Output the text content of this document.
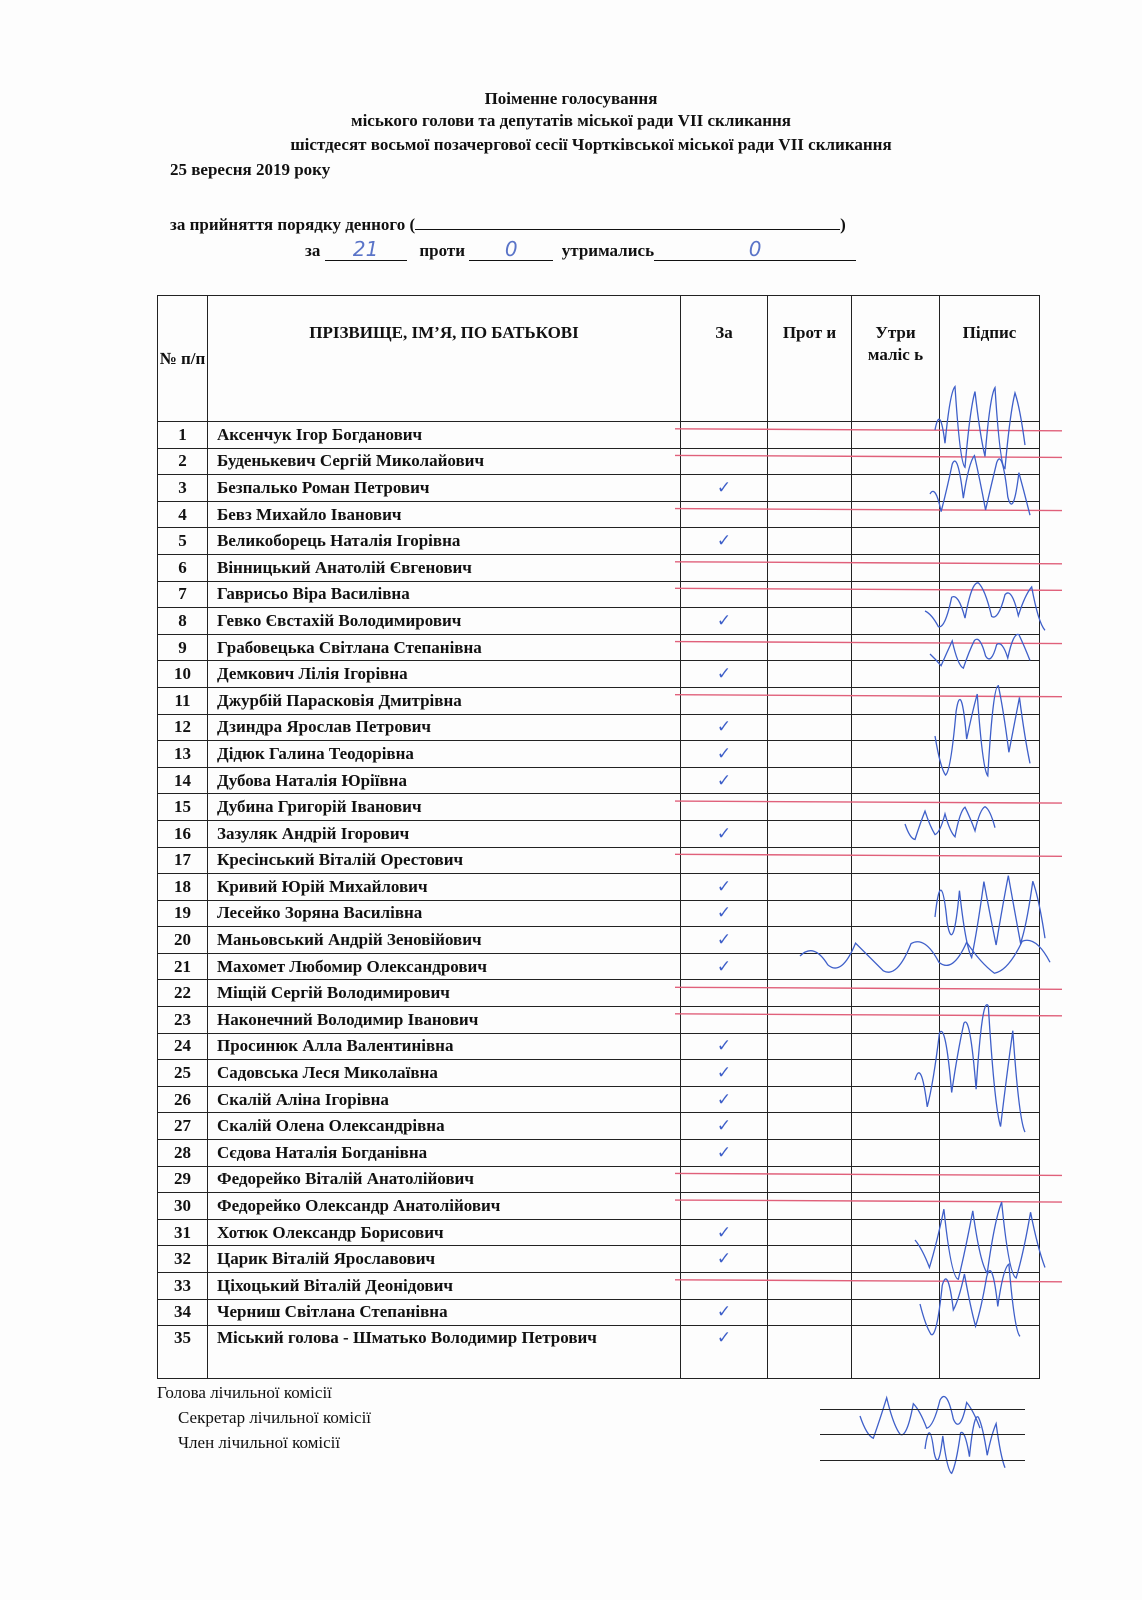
Поіменне голосування
міського голови та депутатів міської ради VІІ скликання
шістдесят восьмої позачергової сесії Чортківської міської ради VІІ скликання
25 вересня 2019 року
за прийняття порядку денного (	)
за 21 проти 0	утримались	0
№ п/п	ПРІЗВИЩЕ, ІМ’Я, ПО БАТЬКОВІ	За	Прот и	Утри маліс ь	Підпис
1	Аксенчук Ігор Богданович				
2	Буденькевич Сергій Миколайович				
3	Безпалько Роман Петрович	✓			
4	Бевз Михайло Іванович				
5	Великоборець Наталія Ігорівна	✓			
6	Вінницький Анатолій Євгенович				
7	Гаврисьо Віра Василівна				
8	Гевко Євстахій Володимирович	✓			
9	Грабовецька Світлана Степанівна				
10	Демкович Лілія Ігорівна	✓			
11	Джурбій Парасковія Дмитрівна				
12	Дзиндра Ярослав Петрович	✓			
13	Дідюк Галина Теодорівна	✓			
14	Дубова Наталія Юріївна	✓			
15	Дубина Григорій Іванович				
16	Зазуляк Андрій Ігорович	✓			
17	Кресінський Віталій Орестович				
18	Кривий Юрій Михайлович	✓			
19	Лесейко Зоряна Василівна	✓			
20	Маньовський Андрій Зеновійович	✓			
21	Махомет Любомир Олександрович	✓			
22	Міщій Сергій Володимирович				
23	Наконечний Володимир Іванович				
24	Просинюк Алла Валентинівна	✓			
25	Садовська Леся Миколаївна	✓			
26	Скалій Аліна Ігорівна	✓			
27	Скалій Олена Олександрівна	✓			
28	Сєдова Наталія Богданівна	✓			
29	Федорейко Віталій Анатолійович				
30	Федорейко Олександр Анатолійович				
31	Хотюк Олександр Борисович	✓			
32	Царик Віталій Ярославович	✓			
33	Ціхоцький Віталій Деонідович				
34	Черниш Світлана Степанівна	✓			
35	Міський голова - Шматько Володимир Петрович	✓			
Голова лічильної комісії
Секретар лічильної комісії
Член лічильної комісії
